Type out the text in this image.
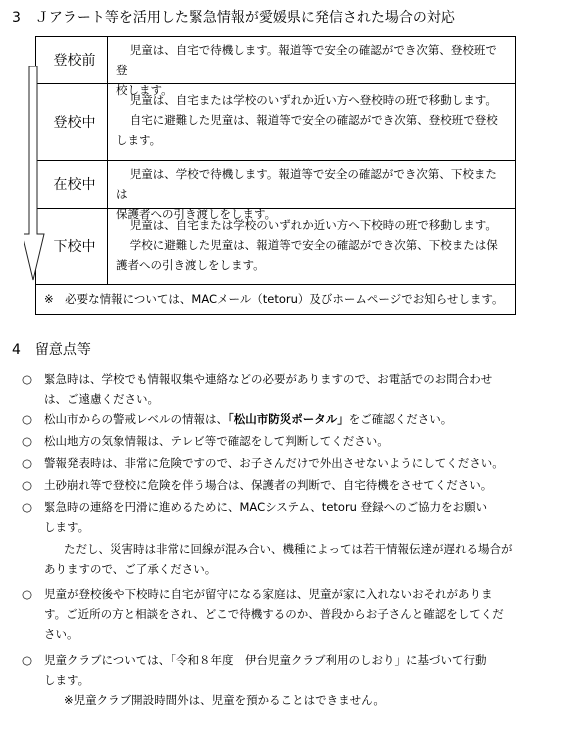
3　Ｊアラート等を活用した緊急情報が愛媛県に発信された場合の対応
登校前

児童は、自宅で待機します。報道等で安全の確認ができ次第、登校班で登

校します。

登校中

児童は、自宅または学校のいずれか近い方へ登校時の班で移動します。

自宅に避難した児童は、報道等で安全の確認ができ次第、登校班で登校

します。

在校中

児童は、学校で待機します。報道等で安全の確認ができ次第、下校または

保護者への引き渡しをします。

下校中

児童は、自宅または学校のいずれか近い方へ下校時の班で移動します。

学校に避難した児童は、報道等で安全の確認ができ次第、下校または保

護者への引き渡しをします。

※　必要な情報については、MACメール（tetoru）及びホームページでお知らせします。
4　留意点等
○ 緊急時は、学校でも情報収集や連絡などの必要がありますので、お電話でのお問合わせ

は、ご遠慮ください。

○ 松山市からの警戒レベルの情報は、「松山市防災ポータル」をご確認ください。

○ 松山地方の気象情報は、テレビ等で確認をして判断してください。

○ 警報発表時は、非常に危険ですので、お子さんだけで外出させないようにしてください。

○ 土砂崩れ等で登校に危険を伴う場合は、保護者の判断で、自宅待機をさせてください。

○ 緊急時の連絡を円滑に進めるために、MACシステム、tetoru 登録へのご協力をお願い

します。

ただし、災害時は非常に回線が混み合い、機種によっては若干情報伝達が遅れる場合が

ありますので、ご了承ください。

○ 児童が登校後や下校時に自宅が留守になる家庭は、児童が家に入れないおそれがありま

す。ご近所の方と相談をされ、どこで待機するのか、普段からお子さんと確認をしてくだ

さい。

○ 児童クラブについては、「令和８年度　伊台児童クラブ利用のしおり」に基づいて行動

します。

※児童クラブ開設時間外は、児童を預かることはできません。
